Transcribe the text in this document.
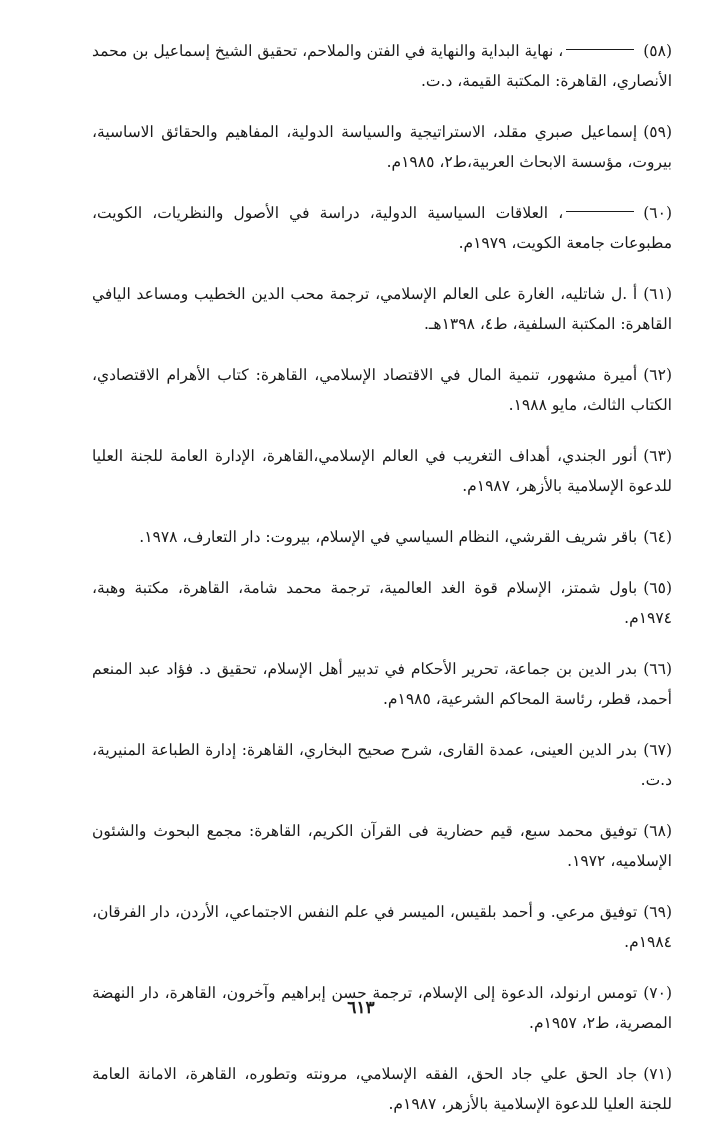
(٥٨)، نهاية البداية والنهاية في الفتن والملاحم، تحقيق الشيخ إسماعيل بن محمد الأنصاري، القاهرة: المكتبة القيمة، د.ت.

(٥٩)إسماعيل صبري مقلد، الاستراتيجية والسياسة الدولية، المفاهيم والحقائق الاساسية، بيروت، مؤسسة الابحاث العربية،ط٢، ١٩٨٥م.

(٦٠)، العلاقات السياسية الدولية، دراسة في الأصول والنظريات، الكويت، مطبوعات جامعة الكويت، ١٩٧٩م.

(٦١)أ .ل شاتليه، الغارة على العالم الإسلامي، ترجمة محب الدين الخطيب ومساعد اليافي القاهرة: المكتبة السلفية، ط٤، ١٣٩٨هـ.

(٦٢)أميرة مشهور، تنمية المال في الاقتصاد الإسلامي، القاهرة: كتاب الأهرام الاقتصادي، الكتاب الثالث، مايو ١٩٨٨.

(٦٣)أنور الجندي، أهداف التغريب في العالم الإسلامي،القاهرة، الإدارة العامة للجنة العليا للدعوة الإسلامية بالأزهر، ١٩٨٧م.

(٦٤)باقر شريف القرشي، النظام السياسي في الإسلام، بيروت: دار التعارف، ١٩٧٨.

(٦٥)باول شمتز، الإسلام قوة الغد العالمية، ترجمة محمد شامة، القاهرة، مكتبة وهبة، ١٩٧٤م.

(٦٦)بدر الدين بن جماعة، تحرير الأحكام في تدبير أهل الإسلام، تحقيق د. فؤاد عبد المنعم أحمد، قطر، رئاسة المحاكم الشرعية، ١٩٨٥م.

(٦٧)بدر الدين العينى، عمدة القارى، شرح صحيح البخاري، القاهرة: إدارة الطباعة المنيرية، د.ت.

(٦٨)توفيق محمد سبع، قيم حضارية فى القرآن الكريم، القاهرة: مجمع البحوث والشئون الإسلاميه، ١٩٧٢.

(٦٩)توفيق مرعي. و أحمد بلقيس، الميسر في علم النفس الاجتماعي، الأردن، دار الفرقان، ١٩٨٤م.

(٧٠)تومس ارنولد، الدعوة إلى الإسلام، ترجمة حسن إبراهيم وآخرون، القاهرة، دار النهضة المصرية، ط٢، ١٩٥٧م.

(٧١)جاد الحق علي جاد الحق، الفقه الإسلامي، مرونته وتطوره، القاهرة، الامانة العامة للجنة العليا للدعوة الإسلامية بالأزهر، ١٩٨٧م.

٦١٣
